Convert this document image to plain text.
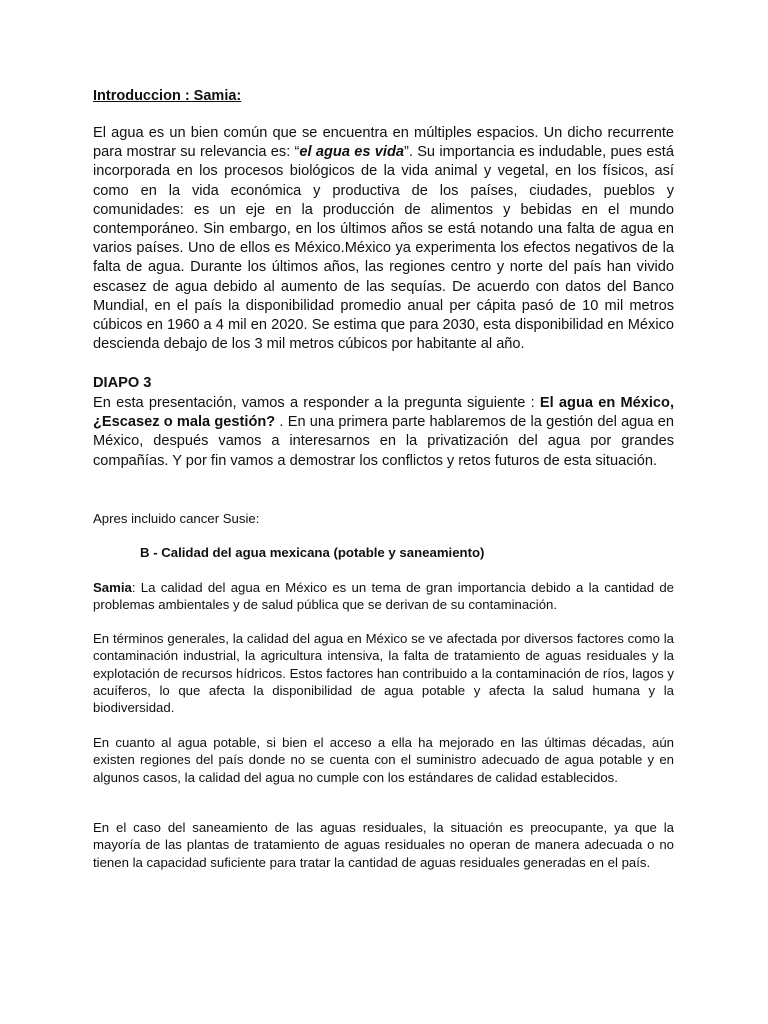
Introduccion : Samia:

El agua es un bien común que se encuentra en múltiples espacios. Un dicho recurrente para mostrar su relevancia es: “el agua es vida”. Su importancia es indudable, pues está incorporada en los procesos biológicos de la vida animal y vegetal, en los físicos, así como en la vida económica y productiva de los países, ciudades, pueblos y comunidades: es un eje en la producción de alimentos y bebidas en el mundo contemporáneo. Sin embargo, en los últimos años se está notando una falta de agua en varios países. Uno de ellos es México.México ya experimenta los efectos negativos de la falta de agua. Durante los últimos años, las regiones centro y norte del país han vivido escasez de agua debido al aumento de las sequías. De acuerdo con datos del Banco Mundial, en el país la disponibilidad promedio anual per cápita pasó de 10 mil metros cúbicos en 1960 a 4 mil en 2020. Se estima que para 2030, esta disponibilidad en México descienda debajo de los 3 mil metros cúbicos por habitante al año.

DIAPO 3

En esta presentación, vamos a responder a la pregunta siguiente : El agua en México, ¿Escasez o mala gestión? . En una primera parte hablaremos de la gestión del agua en México, después vamos a interesarnos en la privatización del agua por grandes compañías. Y por fin vamos a demostrar los conflictos y retos futuros de esta situación.

Apres incluido cancer Susie:

B - Calidad del agua mexicana (potable y saneamiento)

Samia: La calidad del agua en México es un tema de gran importancia debido a la cantidad de problemas ambientales y de salud pública que se derivan de su contaminación.

En términos generales, la calidad del agua en México se ve afectada por diversos factores como la contaminación industrial, la agricultura intensiva, la falta de tratamiento de aguas residuales y la explotación de recursos hídricos. Estos factores han contribuido a la contaminación de ríos, lagos y acuíferos, lo que afecta la disponibilidad de agua potable y afecta la salud humana y la biodiversidad.

En cuanto al agua potable, si bien el acceso a ella ha mejorado en las últimas décadas, aún existen regiones del país donde no se cuenta con el suministro adecuado de agua potable y en algunos casos, la calidad del agua no cumple con los estándares de calidad establecidos.

En el caso del saneamiento de las aguas residuales, la situación es preocupante, ya que la mayoría de las plantas de tratamiento de aguas residuales no operan de manera adecuada o no tienen la capacidad suficiente para tratar la cantidad de aguas residuales generadas en el país.
